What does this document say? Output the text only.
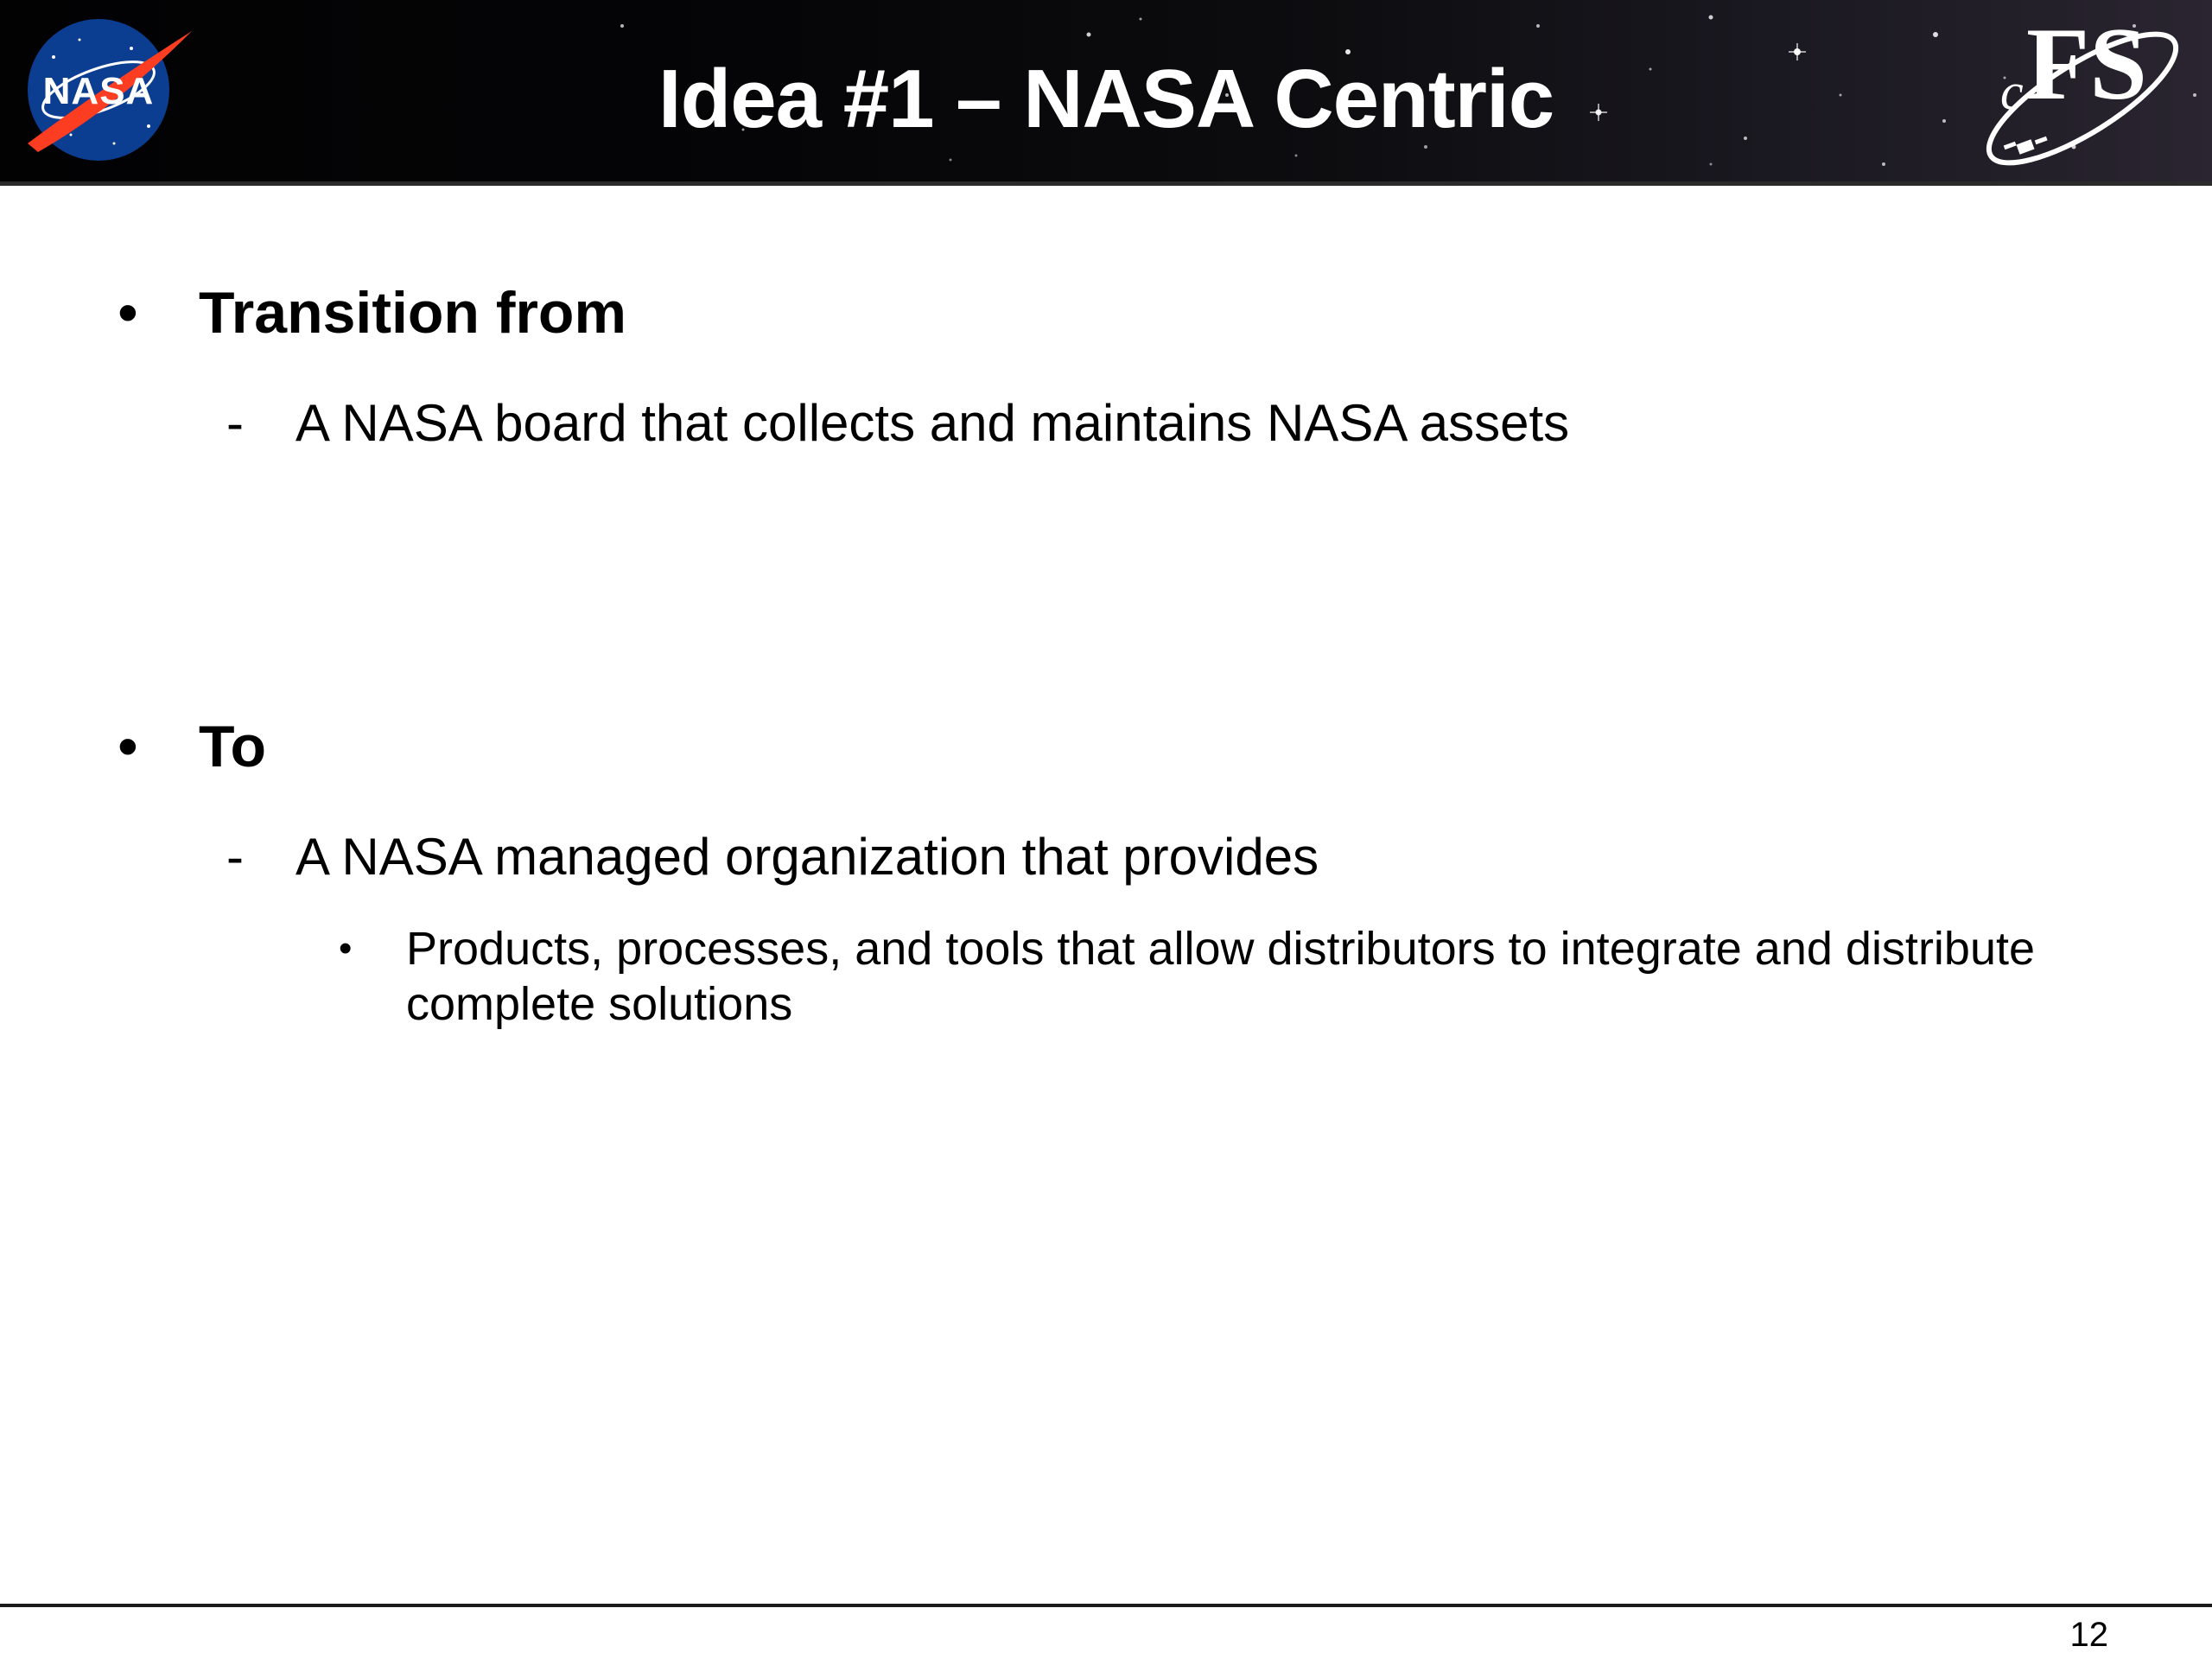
NASA	Idea #1 – NASA Centric	c FS
• Transition from
- A NASA board that collects and maintains NASA assets
• To
- A NASA managed organization that provides
• Products, processes, and tools that allow distributors to integrate and distribute complete solutions
12
